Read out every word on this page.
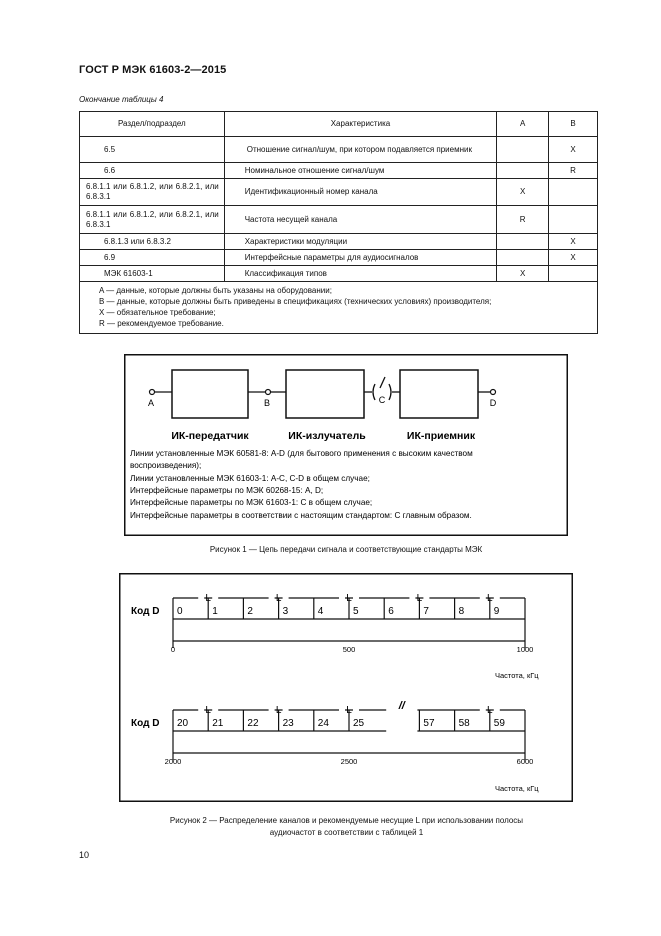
ГОСТ Р МЭК 61603-2—2015
Окончание таблицы 4
Раздел/подраздел	Характеристика	A	B
6.5	Отношение сигнал/шум, при котором подавляется приемник		X
6.6	Номинальное отношение сигнал/шум		R
6.8.1.1 или 6.8.1.2, или 6.8.2.1, или 6.8.3.1	Идентификационный номер канала	X	
6.8.1.1 или 6.8.1.2, или 6.8.2.1, или 6.8.3.1	Частота несущей канала	R	
6.8.1.3 или 6.8.3.2	Характеристики модуляции		X
6.9	Интерфейсные параметры для аудиосигналов		X
МЭК 61603-1	Классификация типов	X	

A — данные, которые должны быть указаны на оборудовании;
B — данные, которые должны быть приведены в спецификациях (технических условиях) производителя;
X — обязательное требование;
R — рекомендуемое требование.			
A	B	C	D
ИК-передатчик	ИК-излучатель	ИК-приемник
Линии установленные МЭК 60581-8: A-D (для бытового применения с высоким качеством
воспроизведения);
Линии установленные МЭК 61603-1: A-C, C-D в общем случае;
Интерфейсные параметры по МЭК 60268-15: A, D;
Интерфейсные параметры по МЭК 61603-1: C в общем случае;
Интерфейсные параметры в соответствии с настоящим стандартом: C главным образом.
Рисунок 1 — Цепь передачи сигнала и соответствующие стандарты МЭК
Код D
Код D
Частота, кГц
Частота, кГц
0	1	2	3	4	5	6	7	8	9
L	L	L	L	L
0	500	1000
//
20 21 22 23 24 25	57 58 59
L	L	L	L
2000	2500	6000
Рисунок 2 — Распределение каналов и рекомендуемые несущие L при использовании полосы
аудиочастот в соответствии с таблицей 1
10
